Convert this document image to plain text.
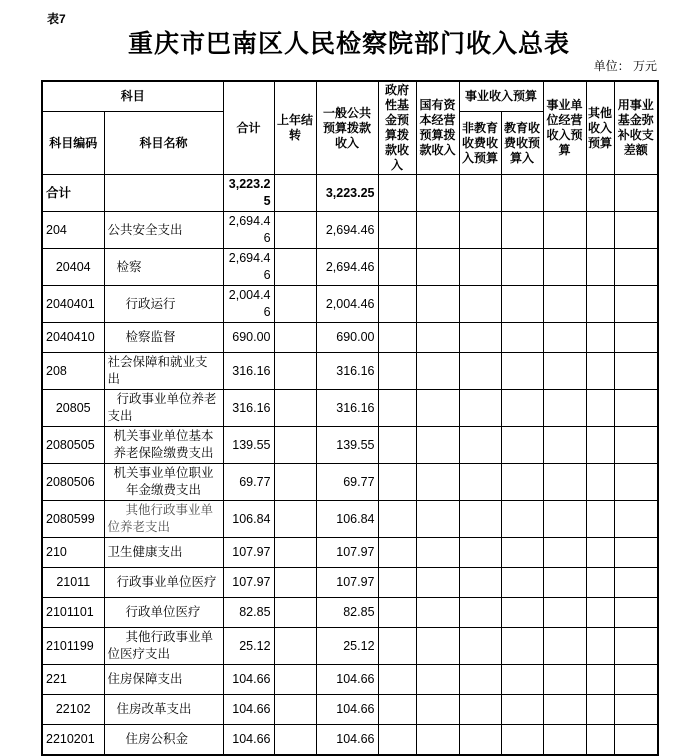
表7
重庆市巴南区人民检察院部门收入总表
单位： 万元
科目		合计	上年结转	一般公共预算拨款收入	政府性基金预算拨款收入	国有资本经营预算拨款收入	事业收入预算		事业单位经营收入预算	其他收入预算	用事业基金弥补收支差额
科目编码	科目名称						非教育收费收入预算	教育收费收预算入			
合计		3,223.25		3,223.25							
204	公共安全支出	2,694.46		2,694.46							
20404	检察	2,694.46		2,694.46							
2040401	行政运行	2,004.46		2,004.46							
2040410	检察监督	690.00		690.00							
208	社会保障和就业支出	316.16		316.16							
20805	行政事业单位养老支出	316.16		316.16							
2080505	机关事业单位基本养老保险缴费支出	139.55		139.55							
2080506	机关事业单位职业年金缴费支出	69.77		69.77							
2080599	其他行政事业单位养老支出	106.84		106.84							
210	卫生健康支出	107.97		107.97							
21011	行政事业单位医疗	107.97		107.97							
2101101	行政单位医疗	82.85		82.85							
2101199	其他行政事业单位医疗支出	25.12		25.12							
221	住房保障支出	104.66		104.66							
22102	住房改革支出	104.66		104.66							
2210201	住房公积金	104.66		104.66							
